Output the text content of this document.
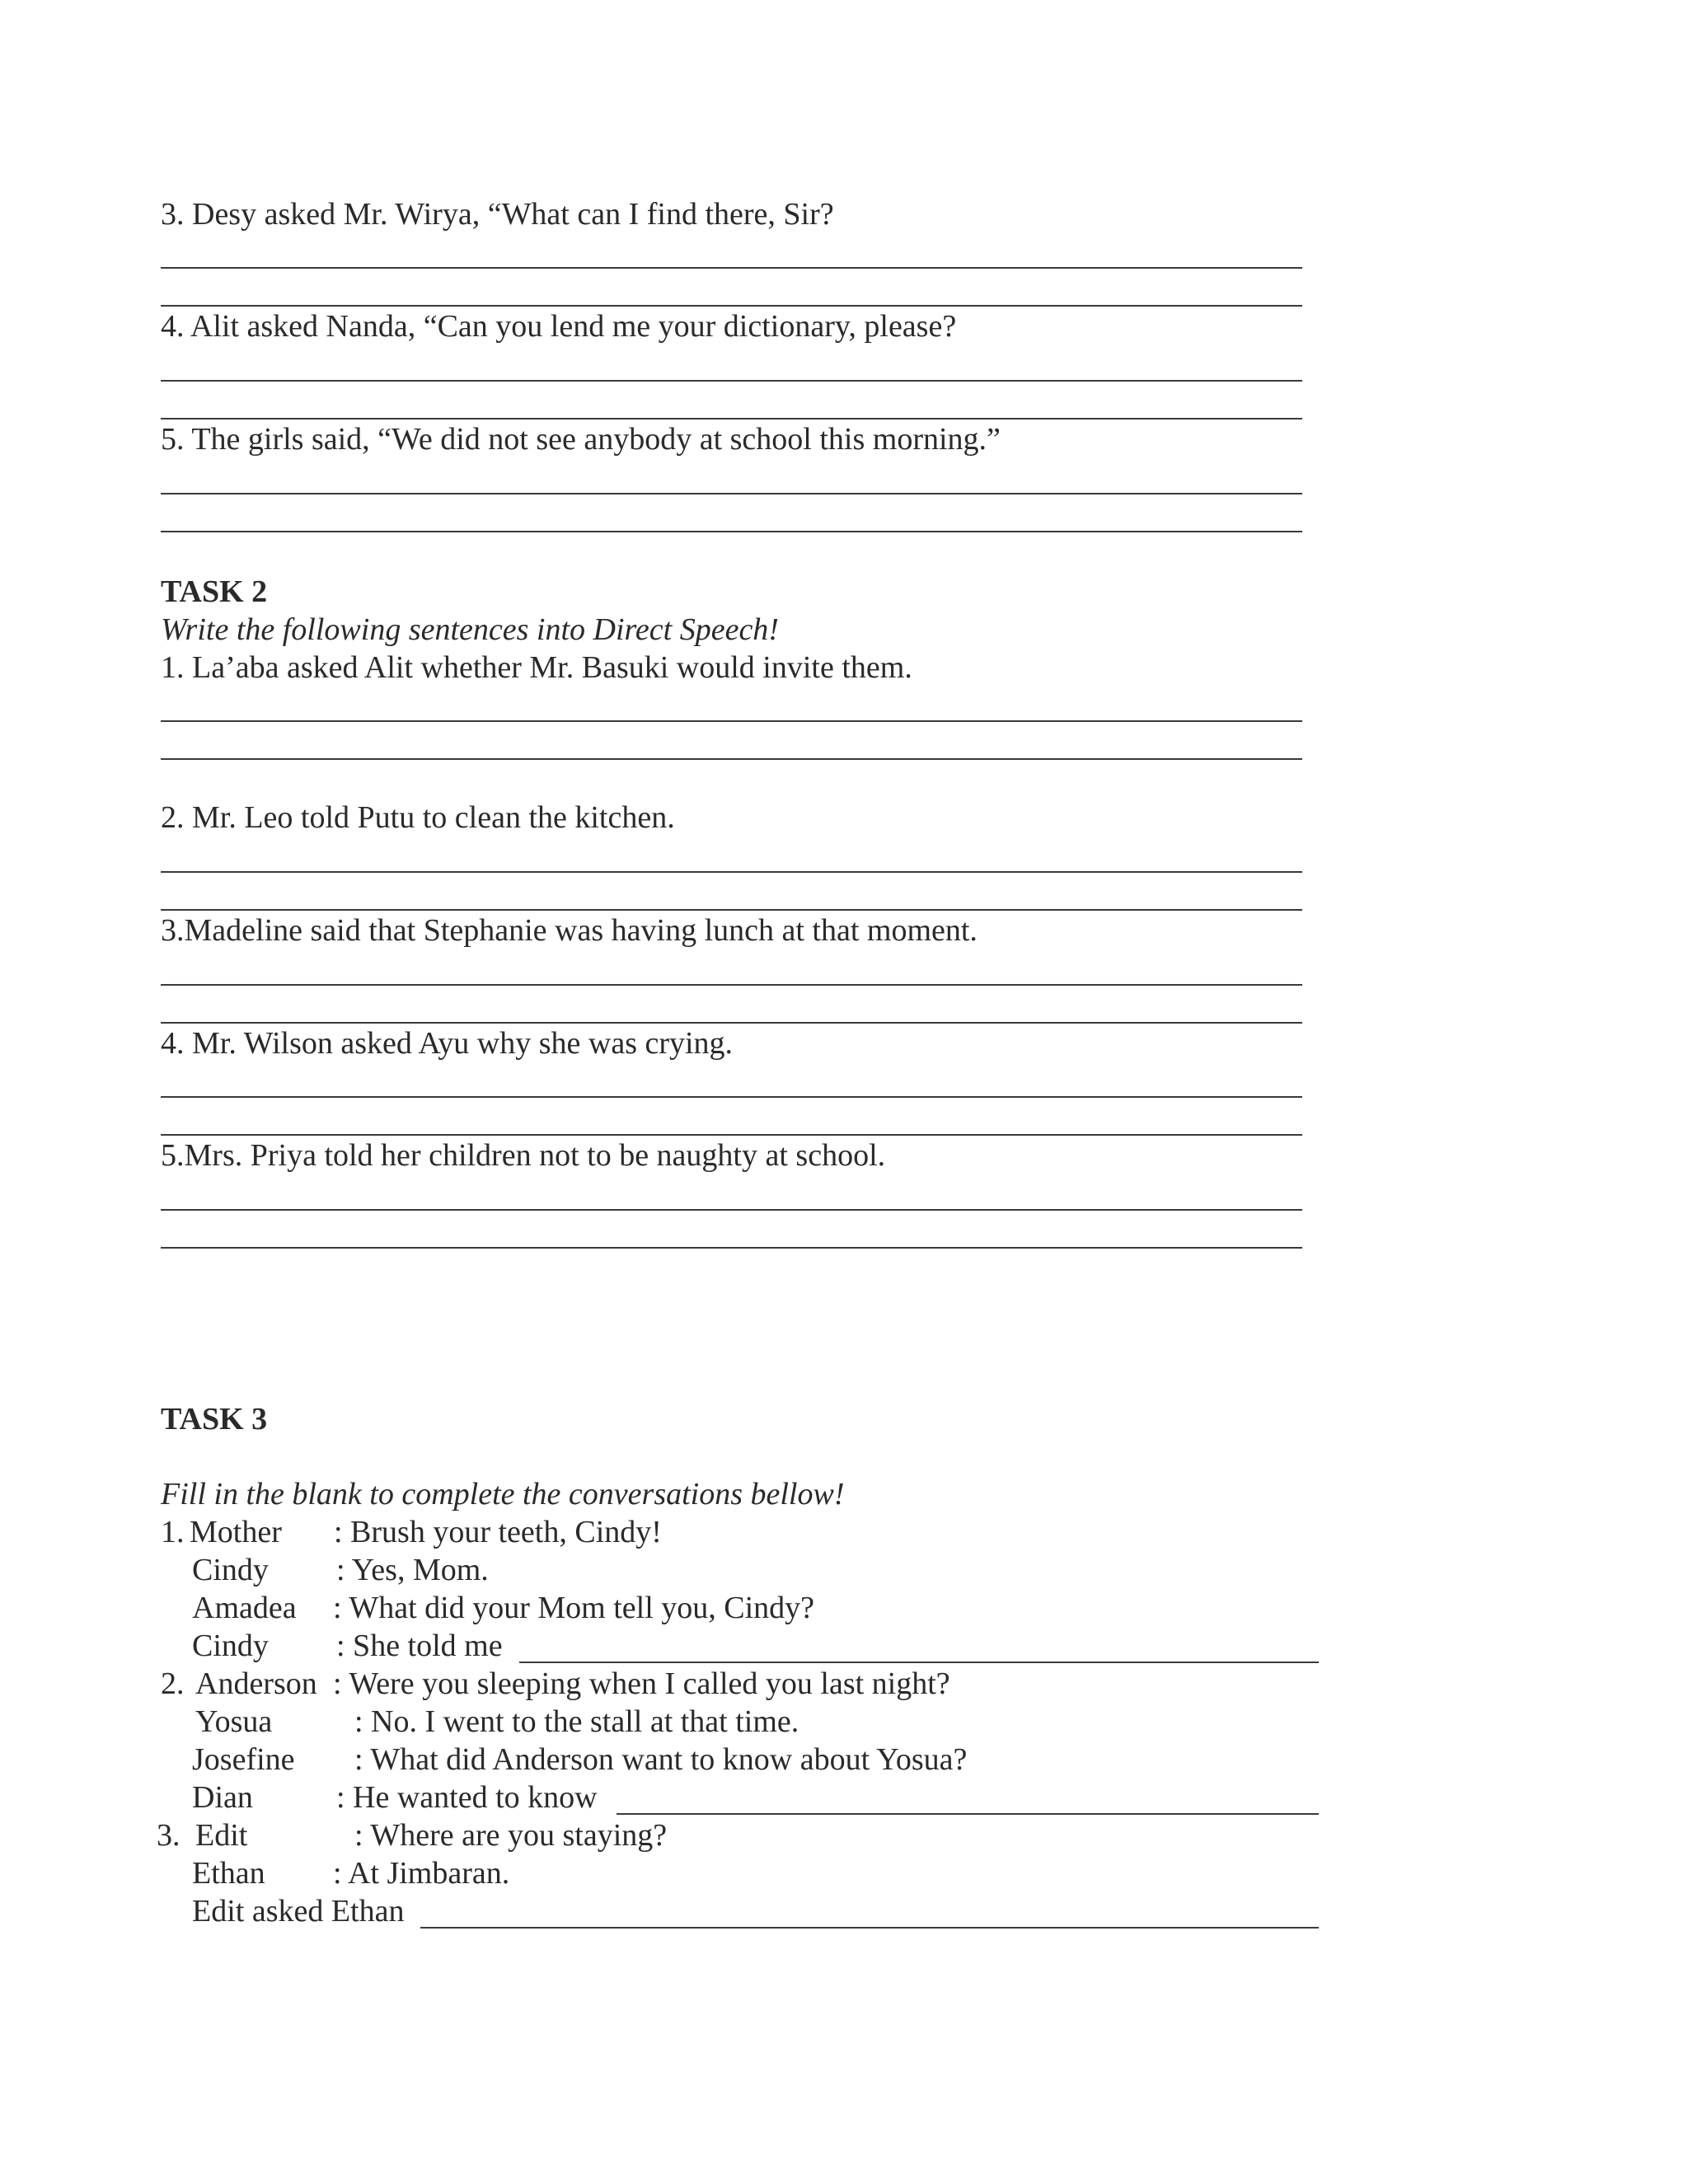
3. Desy asked Mr. Wirya, “What can I find there, Sir?

4. Alit asked Nanda, “Can you lend me your dictionary, please?

5. The girls said, “We did not see anybody at school this morning.”

TASK 2

Write the following sentences into Direct Speech!

1. La’aba asked Alit whether Mr. Basuki would invite them.

2. Mr. Leo told Putu to clean the kitchen.

3.Madeline said that Stephanie was having lunch at that moment.

4. Mr. Wilson asked Ayu why she was crying.

5.Mrs. Priya told her children not to be naughty at school.

TASK 3

Fill in the blank to complete the conversations bellow!

1. Mother : Brush your teeth, Cindy!

Cindy : Yes, Mom.

Amadea : What did your Mom tell you, Cindy?

Cindy : She told me

2. Anderson : Were you sleeping when I called you last night?

Yosua	: No. I went to the stall at that time.

Josefine : What did Anderson want to know about Yosua?

Dian	: He wanted to know

3. Edit	: Where are you staying?

Ethan : At Jimbaran.

Edit asked Ethan
